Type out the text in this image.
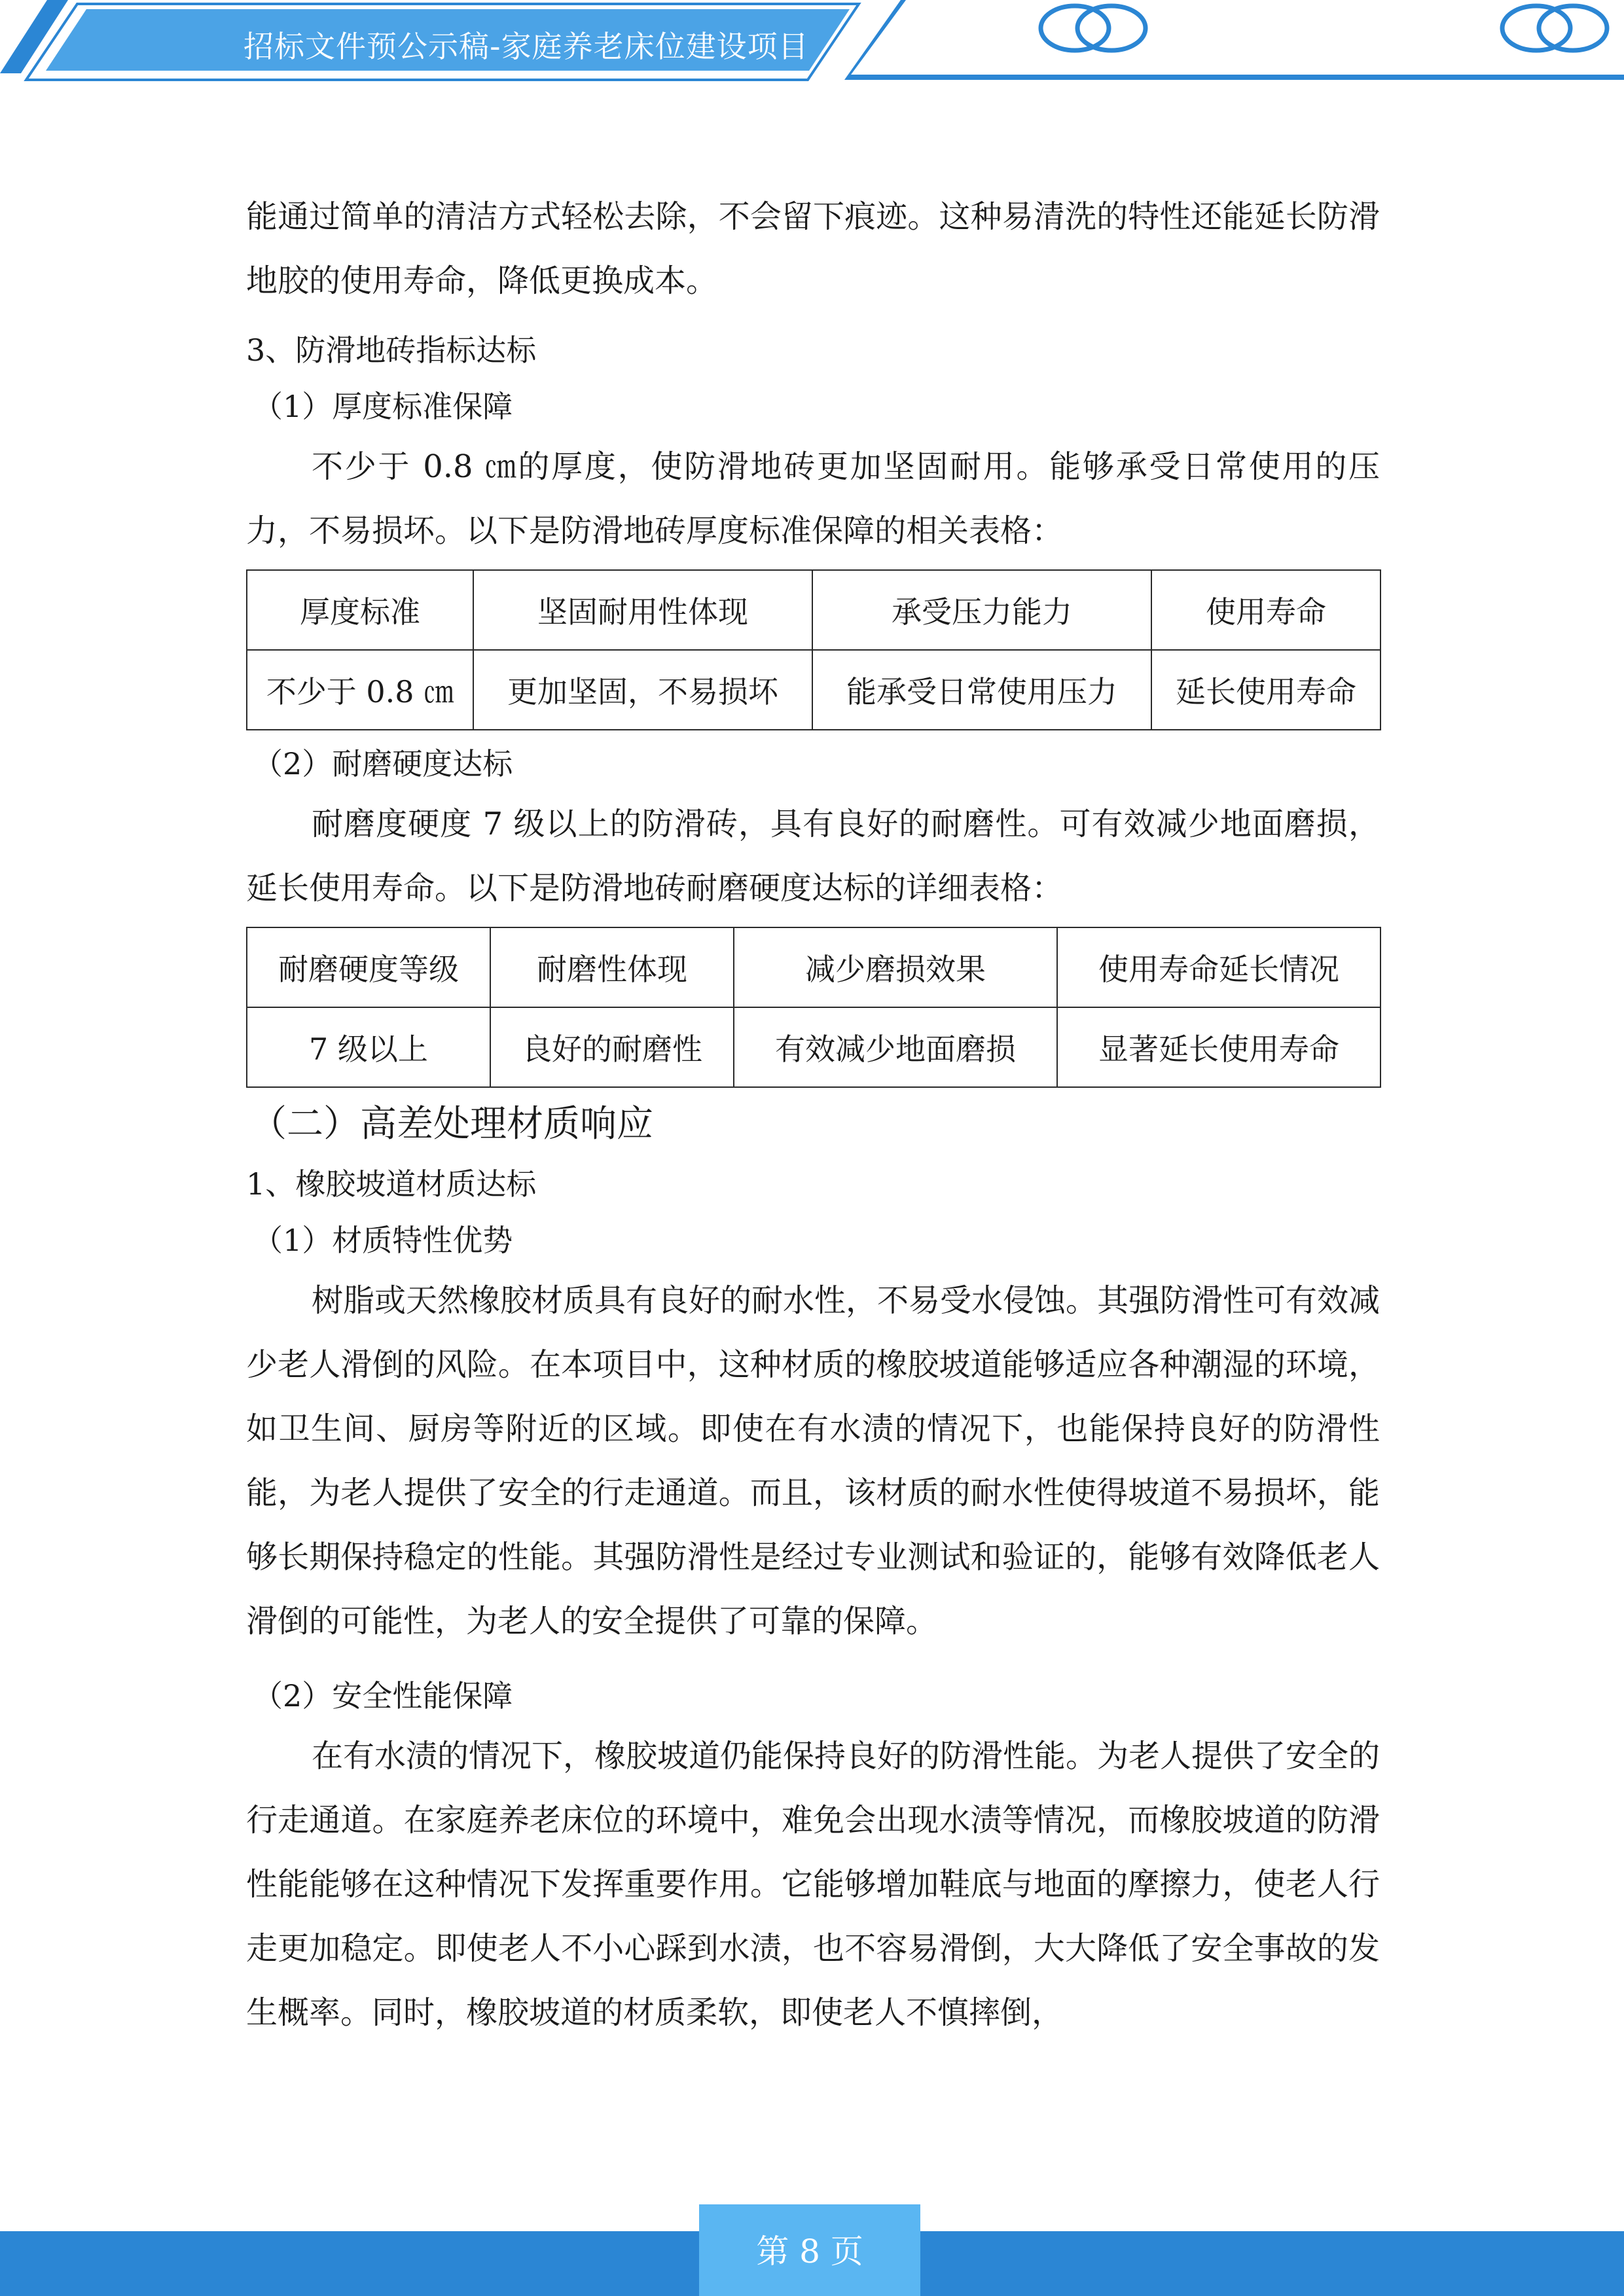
招标文件预公示稿-家庭养老床位建设项目

能通过简单的清洁方式轻松去除，不会留下痕迹。这种易清洗的特性还能延长防滑地胶的使用寿命，降低更换成本。

3、防滑地砖指标达标
（1）厚度标准保障

不少于 0.8 ㎝的厚度，使防滑地砖更加坚固耐用。能够承受日常使用的压力，不易损坏。以下是防滑地砖厚度标准保障的相关表格：

厚度标准	坚固耐用性体现	承受压力能力	使用寿命
不少于 0.8 ㎝	更加坚固，不易损坏	能承受日常使用压力	延长使用寿命
（2）耐磨硬度达标

耐磨度硬度 7 级以上的防滑砖，具有良好的耐磨性。可有效减少地面磨损，延长使用寿命。以下是防滑地砖耐磨硬度达标的详细表格：

耐磨硬度等级	耐磨性体现	减少磨损效果	使用寿命延长情况
7 级以上	良好的耐磨性	有效减少地面磨损	显著延长使用寿命
（二）高差处理材质响应
1、橡胶坡道材质达标
（1）材质特性优势

树脂或天然橡胶材质具有良好的耐水性，不易受水侵蚀。其强防滑性可有效减少老人滑倒的风险。在本项目中，这种材质的橡胶坡道能够适应各种潮湿的环境，如卫生间、厨房等附近的区域。即使在有水渍的情况下，也能保持良好的防滑性能，为老人提供了安全的行走通道。而且，该材质的耐水性使得坡道不易损坏，能够长期保持稳定的性能。其强防滑性是经过专业测试和验证的，能够有效降低老人滑倒的可能性，为老人的安全提供了可靠的保障。

（2）安全性能保障

在有水渍的情况下，橡胶坡道仍能保持良好的防滑性能。为老人提供了安全的行走通道。在家庭养老床位的环境中，难免会出现水渍等情况，而橡胶坡道的防滑性能能够在这种情况下发挥重要作用。它能够增加鞋底与地面的摩擦力，使老人行走更加稳定。即使老人不小心踩到水渍，也不容易滑倒，大大降低了安全事故的发生概率。同时，橡胶坡道的材质柔软，即使老人不慎摔倒，

第 8 页
